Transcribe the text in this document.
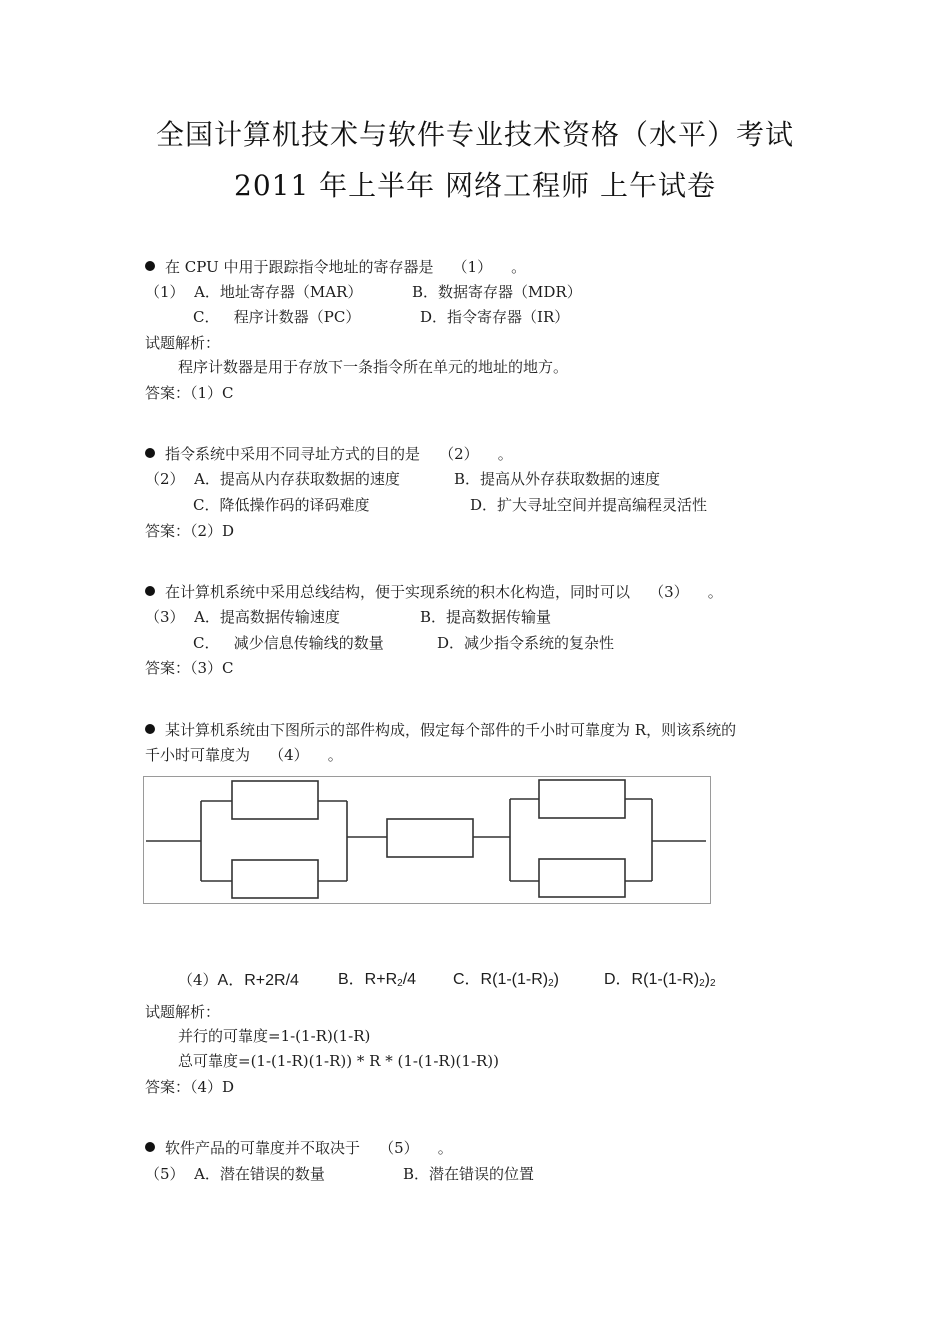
全国计算机技术与软件专业技术资格（水平）考试
2011 年上半年 网络工程师 上午试卷
在 CPU 中用于跟踪指令地址的寄存器是    （1）    。
（1）  A．地址寄存器（MAR）	B．数据寄存器（MDR）
C．   程序计数器（PC）	D．指令寄存器（IR）
试题解析：
程序计数器是用于存放下一条指令所在单元的地址的地方。
答案：（1）C
指令系统中采用不同寻址方式的目的是    （2）    。
（2）  A．提高从内存获取数据的速度	B．提高从外存获取数据的速度
C．降低操作码的译码难度	D．扩大寻址空间并提高编程灵活性
答案：（2）D
在计算机系统中采用总线结构，便于实现系统的积木化构造，同时可以    （3）    。
（3）  A．提高数据传输速度	B．提高数据传输量
C．   减少信息传输线的数量	D．减少指令系统的复杂性
答案：（3）C
某计算机系统由下图所示的部件构成，假定每个部件的千小时可靠度为 R，则该系统的
千小时可靠度为    （4）    。
（4）A．R+2R/4 B．$R+R_2/4$ C．$R(1-(1-R)_2)$	D．$R(1-(1-R)_2)_2$
试题解析：
并行的可靠度=1-(1-R)(1-R)
总可靠度=(1-(1-R)(1-R)) * R * (1-(1-R)(1-R))
答案：（4）D
软件产品的可靠度并不取决于    （5）    。
（5）  A．潜在错误的数量	B．潜在错误的位置
